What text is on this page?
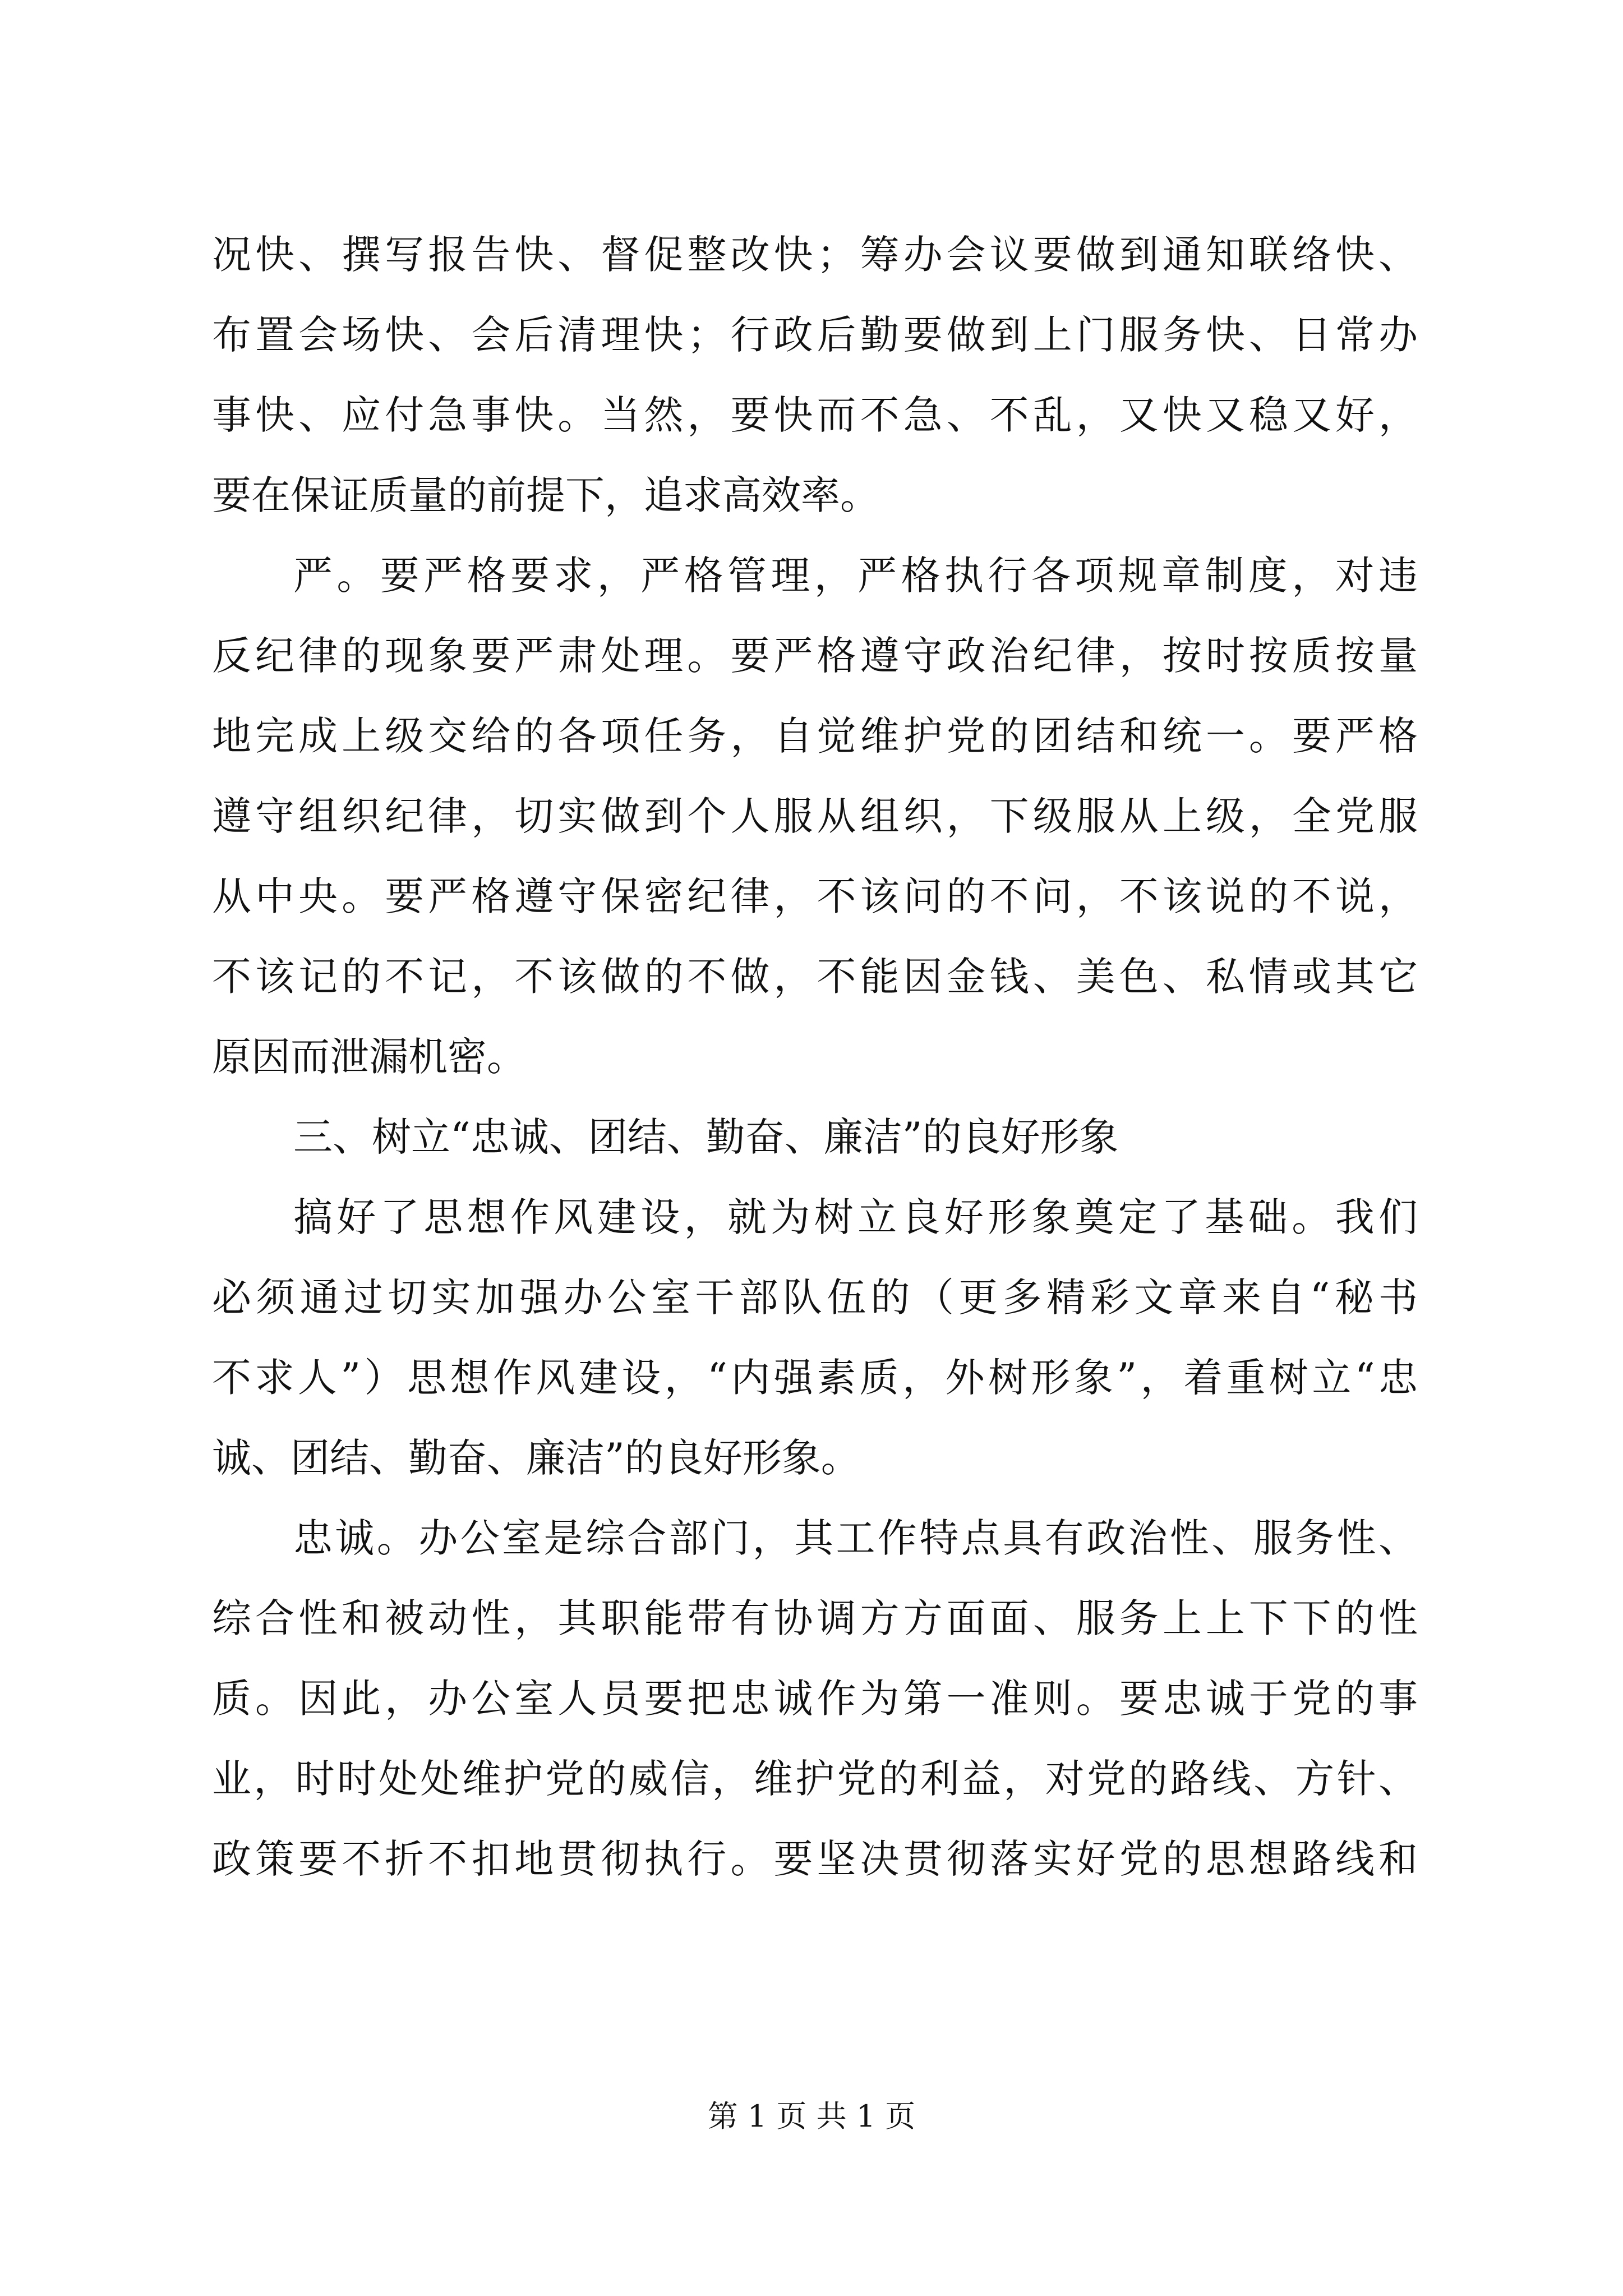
况快、撰写报告快、督促整改快；筹办会议要做到通知联络快、
布置会场快、会后清理快；行政后勤要做到上门服务快、日常办
事快、应付急事快。当然，要快而不急、不乱，又快又稳又好，
要在保证质量的前提下，追求高效率。
严。要严格要求，严格管理，严格执行各项规章制度，对违
反纪律的现象要严肃处理。要严格遵守政治纪律，按时按质按量
地完成上级交给的各项任务，自觉维护党的团结和统一。要严格
遵守组织纪律，切实做到个人服从组织，下级服从上级，全党服
从中央。要严格遵守保密纪律，不该问的不问，不该说的不说，
不该记的不记，不该做的不做，不能因金钱、美色、私情或其它
原因而泄漏机密。
三、树立“忠诚、团结、勤奋、廉洁”的良好形象
搞好了思想作风建设，就为树立良好形象奠定了基础。我们
必须通过切实加强办公室干部队伍的（更多精彩文章来自“秘书
不求人”）思想作风建设，“内强素质，外树形象”，着重树立“忠
诚、团结、勤奋、廉洁”的良好形象。
忠诚。办公室是综合部门，其工作特点具有政治性、服务性、
综合性和被动性，其职能带有协调方方面面、服务上上下下的性
质。因此，办公室人员要把忠诚作为第一准则。要忠诚于党的事
业，时时处处维护党的威信，维护党的利益，对党的路线、方针、
政策要不折不扣地贯彻执行。要坚决贯彻落实好党的思想路线和
第 1 页 共 1 页
